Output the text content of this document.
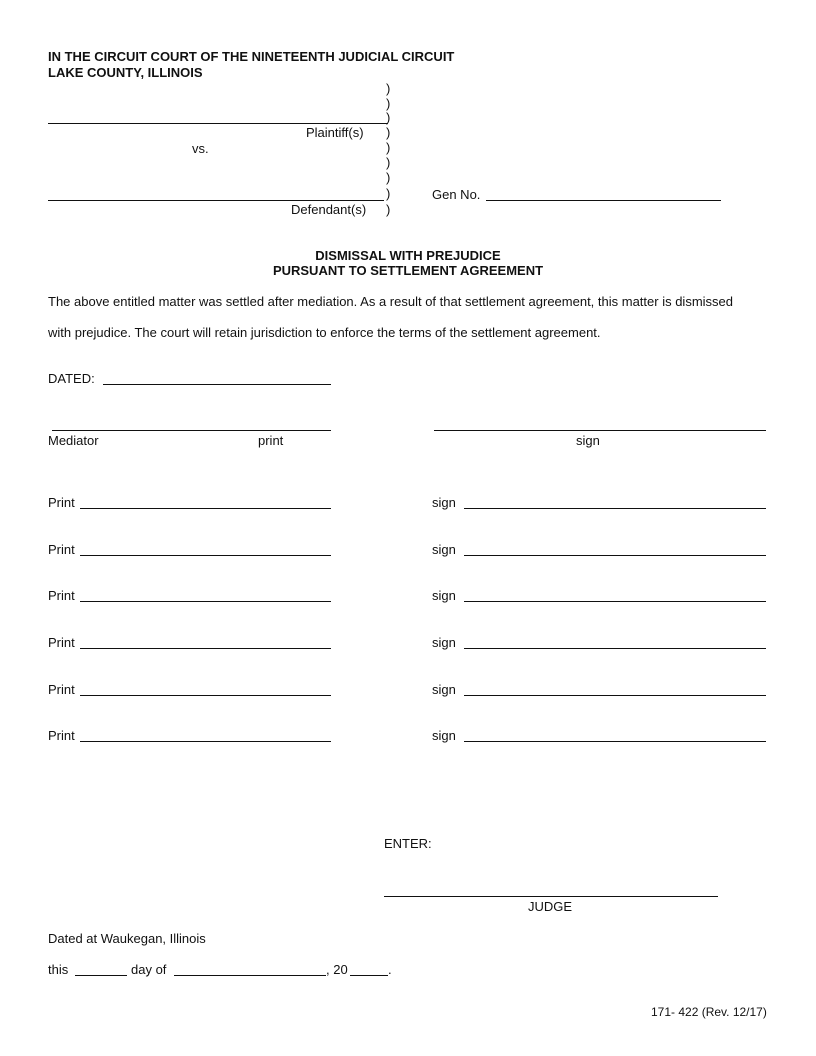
IN THE CIRCUIT COURT OF THE NINETEENTH JUDICIAL CIRCUIT
LAKE COUNTY, ILLINOIS
)
)
)
)
)
)
)
)
)
Plaintiff(s)
vs.
Defendant(s)
Gen No.
DISMISSAL WITH PREJUDICE
PURSUANT TO SETTLEMENT AGREEMENT
The above entitled matter was settled after mediation. As a result of that settlement agreement, this matter is dismissed
with prejudice. The court will retain jurisdiction to enforce the terms of the settlement agreement.
DATED:
Mediator	print	sign
Print	sign
Print	sign
Print	sign
Print	sign
Print	sign
Print	sign
ENTER:
JUDGE
Dated at Waukegan, Illinois
this	day of	, 20	.
171- 422 (Rev. 12/17)
